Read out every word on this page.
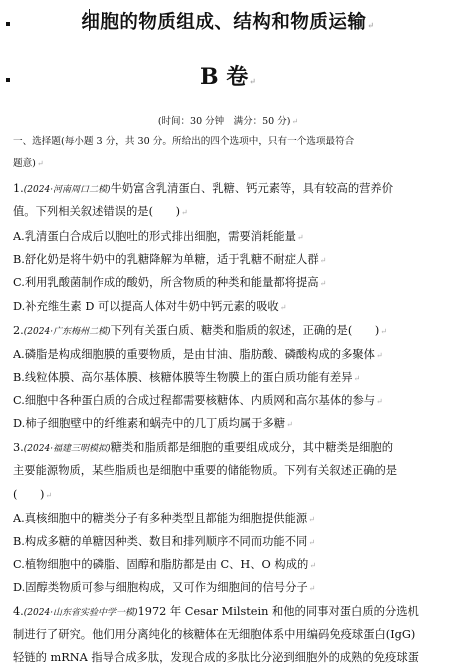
细胞的物质组成、结构和物质运输↵
B 卷↵
(时间：30 分钟　满分：50 分)↵
一、选择题(每小题 3 分，共 30 分。所给出的四个选项中，只有一个选项最符合
题意)↵
1.(2024·河南周口二模)牛奶富含乳清蛋白、乳糖、钙元素等，具有较高的营养价
值。下列相关叙述错误的是(　　)↵
A.乳清蛋白合成后以胞吐的形式排出细胞，需要消耗能量↵
B.舒化奶是将牛奶中的乳糖降解为单糖，适于乳糖不耐症人群↵
C.利用乳酸菌制作成的酸奶，所含物质的种类和能量都将提高↵
D.补充维生素 D 可以提高人体对牛奶中钙元素的吸收↵
2.(2024·广东梅州二模)下列有关蛋白质、糖类和脂质的叙述，正确的是(　　)↵
A.磷脂是构成细胞膜的重要物质，是由甘油、脂肪酸、磷酸构成的多聚体↵
B.线粒体膜、高尔基体膜、核糖体膜等生物膜上的蛋白质功能有差异↵
C.细胞中各种蛋白质的合成过程都需要核糖体、内质网和高尔基体的参与↵
D.柿子细胞壁中的纤维素和蜗壳中的几丁质均属于多糖↵
3.(2024·福建三明模拟)糖类和脂质都是细胞的重要组成成分，其中糖类是细胞的
主要能源物质，某些脂质也是细胞中重要的储能物质。下列有关叙述正确的是
(　　)↵
A.真核细胞中的糖类分子有多种类型且都能为细胞提供能源↵
B.构成多糖的单糖因种类、数目和排列顺序不同而功能不同↵
C.植物细胞中的磷脂、固醇和脂肪都是由 C、H、O 构成的↵
D.固醇类物质可参与细胞构成，又可作为细胞间的信号分子↵
4.(2024·山东省实验中学一模)1972 年 Cesar Milstein 和他的同事对蛋白质的分选机
制进行了研究。他们用分离纯化的核糖体在无细胞体系中用编码免疫球蛋白(IgG)
轻链的 mRNA 指导合成多肽，发现合成的多肽比分泌到细胞外的成熟的免疫球蛋
